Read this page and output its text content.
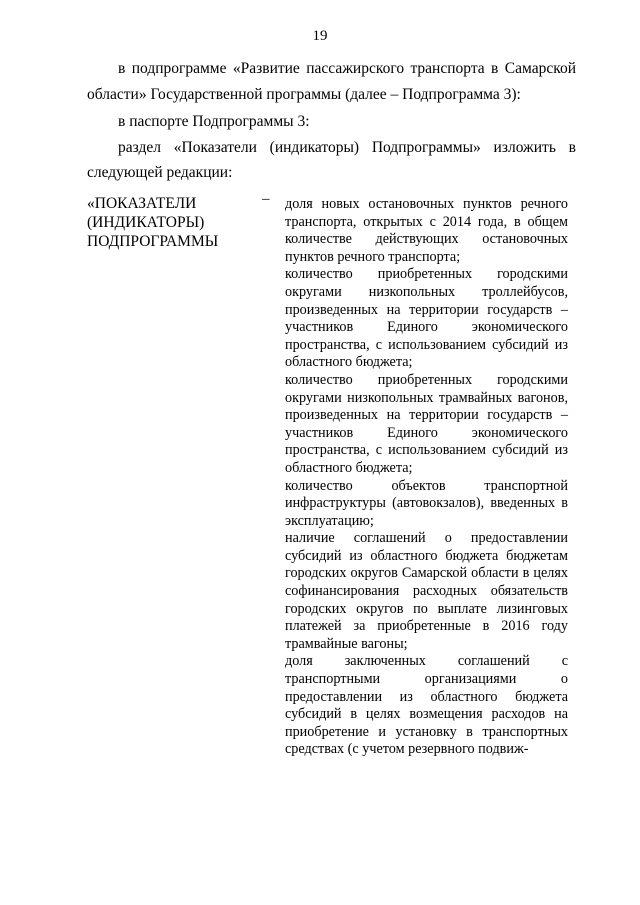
19
в подпрограмме «Развитие пассажирского транспорта в Самарской
области» Государственной программы (далее – Подпрограмма 3):
в паспорте Подпрограммы 3:
раздел «Показатели (индикаторы) Подпрограммы» изложить в
следующей редакции:
«ПОКАЗАТЕЛИ
(ИНДИКАТОРЫ)
ПОДПРОГРАММЫ
– доля новых остановочных пунктов речного транспорта, открытых с 2014 года, в общем количестве действующих остановочных пунктов речного транспорта;

количество приобретенных городскими округами низкопольных троллейбусов, произведенных на территории государств – участников Единого экономического пространства, с использованием субсидий из областного бюджета;

количество приобретенных городскими округами низкопольных трамвайных вагонов, произведенных на территории государств – участников Единого экономического пространства, с использованием субсидий из областного бюджета;

количество объектов транспортной инфраструктуры (автовокзалов), введенных в эксплуатацию;

наличие соглашений о предоставлении субсидий из областного бюджета бюджетам городских округов Самарской области в целях софинансирования расходных обязательств городских округов по выплате лизинговых платежей за приобретенные в 2016 году трамвайные вагоны;

доля заключенных соглашений с транспортными организациями о предоставлении из областного бюджета субсидий в целях возмещения расходов на приобретение и установку в транспортных средствах (с учетом резервного подвиж-
